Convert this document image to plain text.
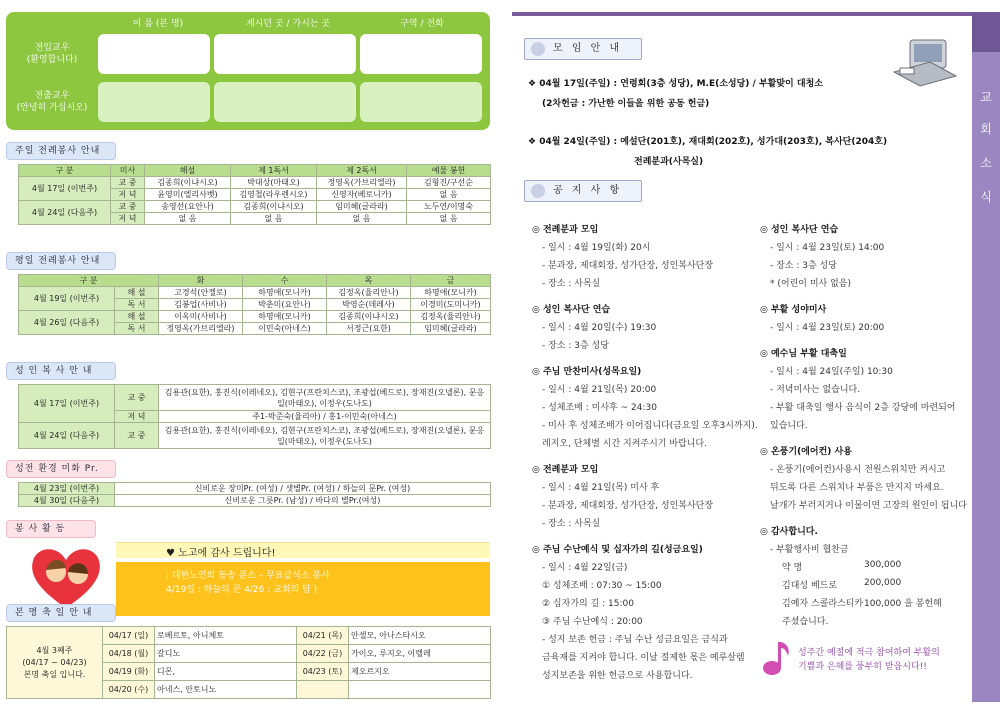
이 름 (본 명)	계시던 곳 / 가시는 곳	구역 / 전화
전입교우
(환영합니다)
전출교우
(안녕히 가십시오)
주일 전례봉사 안내
구 분	미사	해설	제 1독서	제 2독서	예물 봉헌
4월 17일 (이번주)	교 중	김종희(이냐시오)	박대상(마태오)	정영옥(가브리엘라)	김형진/구선순
	저 녁	윤영미(엘리사벳)	김영철(라우렌시오)	신영자(베로니카)	없 음
4월 24일 (다음주)	교 중	송영선(요안나)	김종희(이냐시오)	임미혜(글라라)	노두연/이명숙
	저 녁	없 음	없 음	없 음	없 음
평일 전례봉사 안내
구 분		화	수	목	금
4월 19일 (이번주)	해 설	고경석(안젤로)	하명애(모니카)	김정옥(율리안나)	하명애(모니카)
	독 서	김봉업(사비나)	박춘미(요안나)	박영순(데레사)	이경미(도미니카)
4월 26일 (다음주)	해 설	이옥미(사비나)	하명애(모니카)	김종희(이냐시오)	김정옥(율리안나)
	독 서	정영옥(가브리엘라)	이민숙(아네스)	서정근(요한)	임미혜(글라라)
성 인 복 사 안 내
4월 17일 (이번주)	교 중	김용관(요한), 홍진식(이레네오), 김현구(프란치스코), 조광섭(베드로), 장재진(오넬론), 문응일(마태오), 이정우(도나도)
	저 녁	주1-박준숙(율리아) / 홍1-이민숙(아네스)
4월 24일 (다음주)	교 중	김용관(요한), 홍진식(이레네오), 김현구(프란치스코), 조광섭(베드로), 장재진(오넬론), 문응일(마태오), 이정우(도나도)
성전 환경 미화 Pr.
4월 23일 (이번주)	신비로운 장미Pr. (여성) / 샛별Pr. (여성) / 하늘의 문Pr. (여성)
4월 30일 (다음주)	신비로운 그릇Pr. (남성) / 바다의 별Pr.(여성)
봉 사 활 동
♥ 노고에 감사 드립니다!
: 대한노인회 동송 분소 – 무료급식소 봉사
4/19일 : 하늘의 문 4/26 : 교회의 탑 )
본 명 축 일 안 내
4월 3째주
(04/17 ~ 04/23)
본명 축일 입니다.	04/17 (일)	로베르토, 아니체토	04/21 (목)	안셀모, 아나스타시오
	04/18 (월)	갈디노	04/22 (금)	가이오, 루지오, 이렐레
	04/19 (화)	디몬,	04/23 (토)	제오르지오
	04/20 (수)	아네스, 안토니노		
교
회
소
식
모 임 안 내
❖ 04월 17일(주일) : 연령회(3층 성당), M.E(소성당) / 부활맞이 대청소
(2차헌금 : 가난한 이들을 위한 공동 헌금)
❖ 04월 24일(주일) : 예설단(201호), 재대회(202호), 성가대(203호), 복사단(204호)
전례분과(사목실)
공 지 사 항
◎ 전례분과 모임
- 일시 : 4월 19일(화) 20시
- 분과장, 제대회장, 성가단장, 성인복사단장
- 장소 : 사목실
◎ 성인 복사단 연습
- 일시 : 4월 20일(수) 19:30
- 장소 : 3층 성당
◎ 주님 만찬미사(성목요일)
- 일시 : 4월 21일(목) 20:00
- 성체조배 : 미사후 ~ 24:30
- 미사 후 성체조배가 이어집니다(금요일 오후3시까지).
레지오, 단체별 시간 지켜주시기 바랍니다.
◎ 전례분과 모임
- 일시 : 4월 21일(목) 미사 후
- 분과장, 제대회장, 성가단장, 성인복사단장
- 장소 : 사목실
◎ 주님 수난예식 및 십자가의 길(성금요일)
- 일시 : 4월 22일(금)
① 성체조배 : 07:30 ~ 15:00
② 십자가의 길 : 15:00
③ 주님 수난예식 : 20:00
- 성지 보존 헌금 : 주님 수난 성금요일은 금식과
금육재를 지켜야 합니다. 이날 절제한 몫은 예루살렘
성지보존을 위한 헌금으로 사용합니다.
◎ 성인 복사단 연습
- 일시 : 4월 23일(토) 14:00
- 장소 : 3층 성당
* (어린이 미사 없음)
◎ 부활 성야미사
- 일시 : 4월 23일(토) 20:00
◎ 예수님 부활 대축일
- 일시 : 4월 24일(주일) 10:30
- 저녁미사는 없습니다.
- 부활 대축일 행사 음식이 2층 강당에 마련되어
있습니다.
◎ 온풍기(에어컨) 사용
- 온풍기(에어컨)사용시 전원스위치만 켜시고
뒤도록 다른 스위치나 부품은 만지지 마세요.
날개가 부러지거나 이물이면 고장의 원인이 됩니다
◎ 감사합니다.
- 부활행사비 협찬금
약 명	300,000
김대성 베드로	200,000
김예자 스콜라스티카 100,000 을 봉헌해
주셨습니다.
성주간 예절에 적극 참여하여 부활의
기쁨과 은혜를 풍부히 받읍시다!!
